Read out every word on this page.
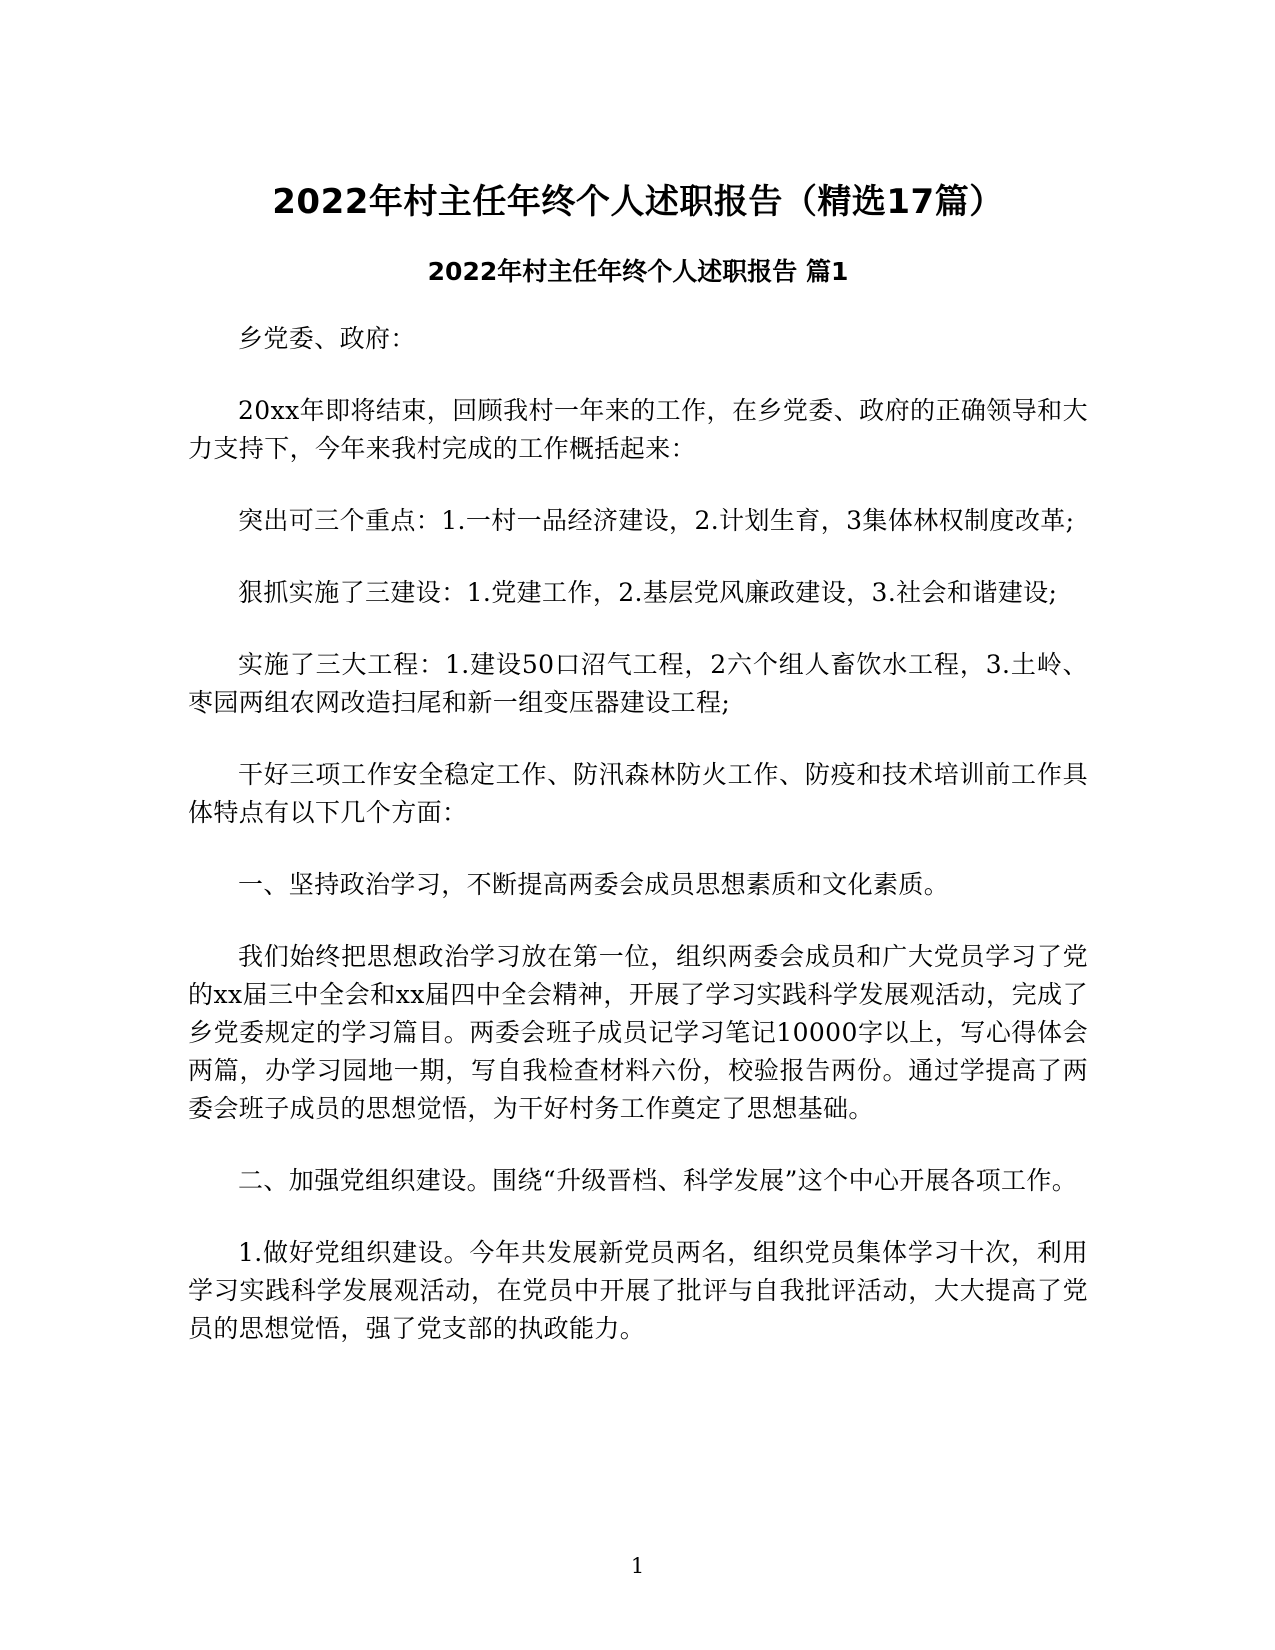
2022年村主任年终个人述职报告（精选17篇）
2022年村主任年终个人述职报告 篇1

乡党委、政府：

20xx年即将结束，回顾我村一年来的工作，在乡党委、政府的正确领导和大力支持下，今年来我村完成的工作概括起来：

突出可三个重点：1.一村一品经济建设，2.计划生育，3集体林权制度改革;

狠抓实施了三建设：1.党建工作，2.基层党风廉政建设，3.社会和谐建设;

实施了三大工程：1.建设50口沼气工程，2六个组人畜饮水工程，3.土岭、枣园两组农网改造扫尾和新一组变压器建设工程;

干好三项工作安全稳定工作、防汛森林防火工作、防疫和技术培训前工作具体特点有以下几个方面：

一、坚持政治学习，不断提高两委会成员思想素质和文化素质。

我们始终把思想政治学习放在第一位，组织两委会成员和广大党员学习了党的xx届三中全会和xx届四中全会精神，开展了学习实践科学发展观活动，完成了乡党委规定的学习篇目。两委会班子成员记学习笔记10000字以上，写心得体会两篇，办学习园地一期，写自我检查材料六份，校验报告两份。通过学提高了两委会班子成员的思想觉悟，为干好村务工作奠定了思想基础。

二、加强党组织建设。围绕“升级晋档、科学发展”这个中心开展各项工作。

1.做好党组织建设。今年共发展新党员两名，组织党员集体学习十次，利用学习实践科学发展观活动，在党员中开展了批评与自我批评活动，大大提高了党员的思想觉悟，强了党支部的执政能力。

1
